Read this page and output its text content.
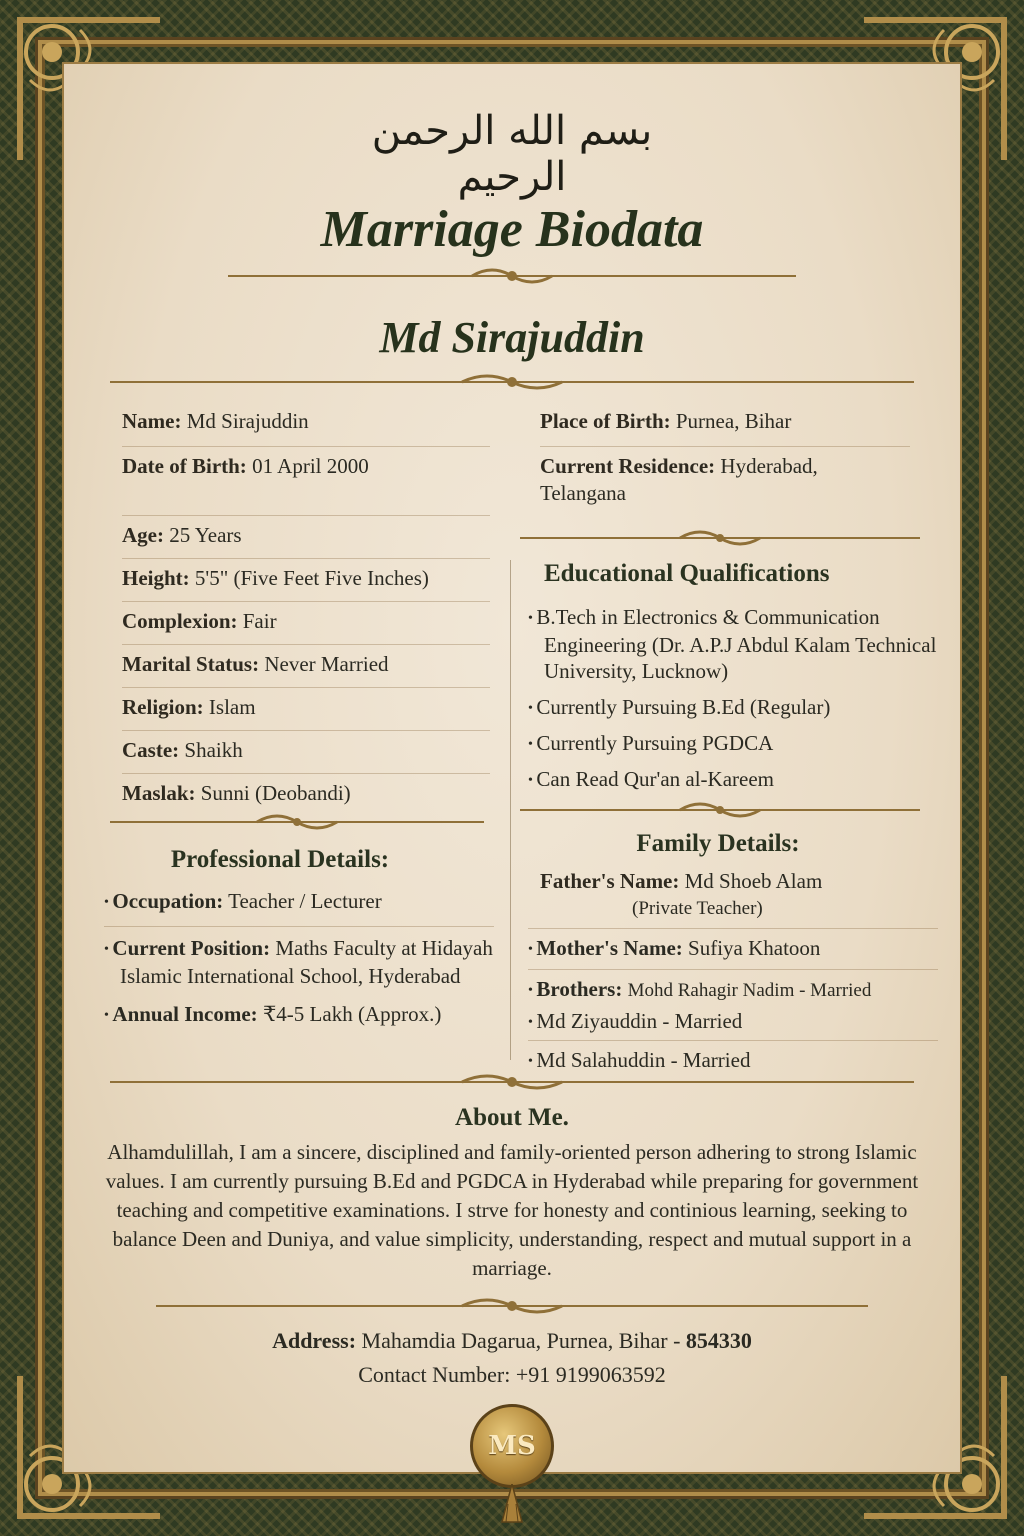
بسم الله الرحمن الرحيم
Marriage Biodata
Md Sirajuddin
Name: Md Sirajuddin
Date of Birth: 01 April 2000
Age: 25 Years
Height: 5'5" (Five Feet Five Inches)
Complexion: Fair
Marital Status: Never Married
Religion: Islam
Caste: Shaikh
Maslak: Sunni (Deobandi)
Professional Details:
• Occupation: Teacher / Lecturer
• Current Position: Maths Faculty at Hidayah Islamic International School, Hyderabad
• Annual Income: ₹4-5 Lakh (Approx.)
Place of Birth: Purnea, Bihar
Current Residence: Hyderabad,
Telangana
Educational Qualifications
• B.Tech in Electronics & Communication Engineering (Dr. A.P.J Abdul Kalam Technical University, Lucknow)
• Currently Pursuing B.Ed (Regular)
• Currently Pursuing PGDCA
• Can Read Qur'an al-Kareem
Family Details:
Father's Name: Md Shoeb Alam
(Private Teacher)
• Mother's Name: Sufiya Khatoon
• Brothers: Mohd Rahagir Nadim - Married
• Md Ziyauddin - Married
• Md Salahuddin - Married
About Me.
Alhamdulillah, I am a sincere, disciplined and family-oriented person adhering to strong Islamic values. I am currently pursuing B.Ed and PGDCA in Hyderabad while preparing for government teaching and competitive examinations. I strve for honesty and continious learning, seeking to balance Deen and Duniya, and value simplicity, understanding, respect and mutual support in a marriage.
Address: Mahamdia Dagarua, Purnea, Bihar - 854330
Contact Number: +91 9199063592
MS
